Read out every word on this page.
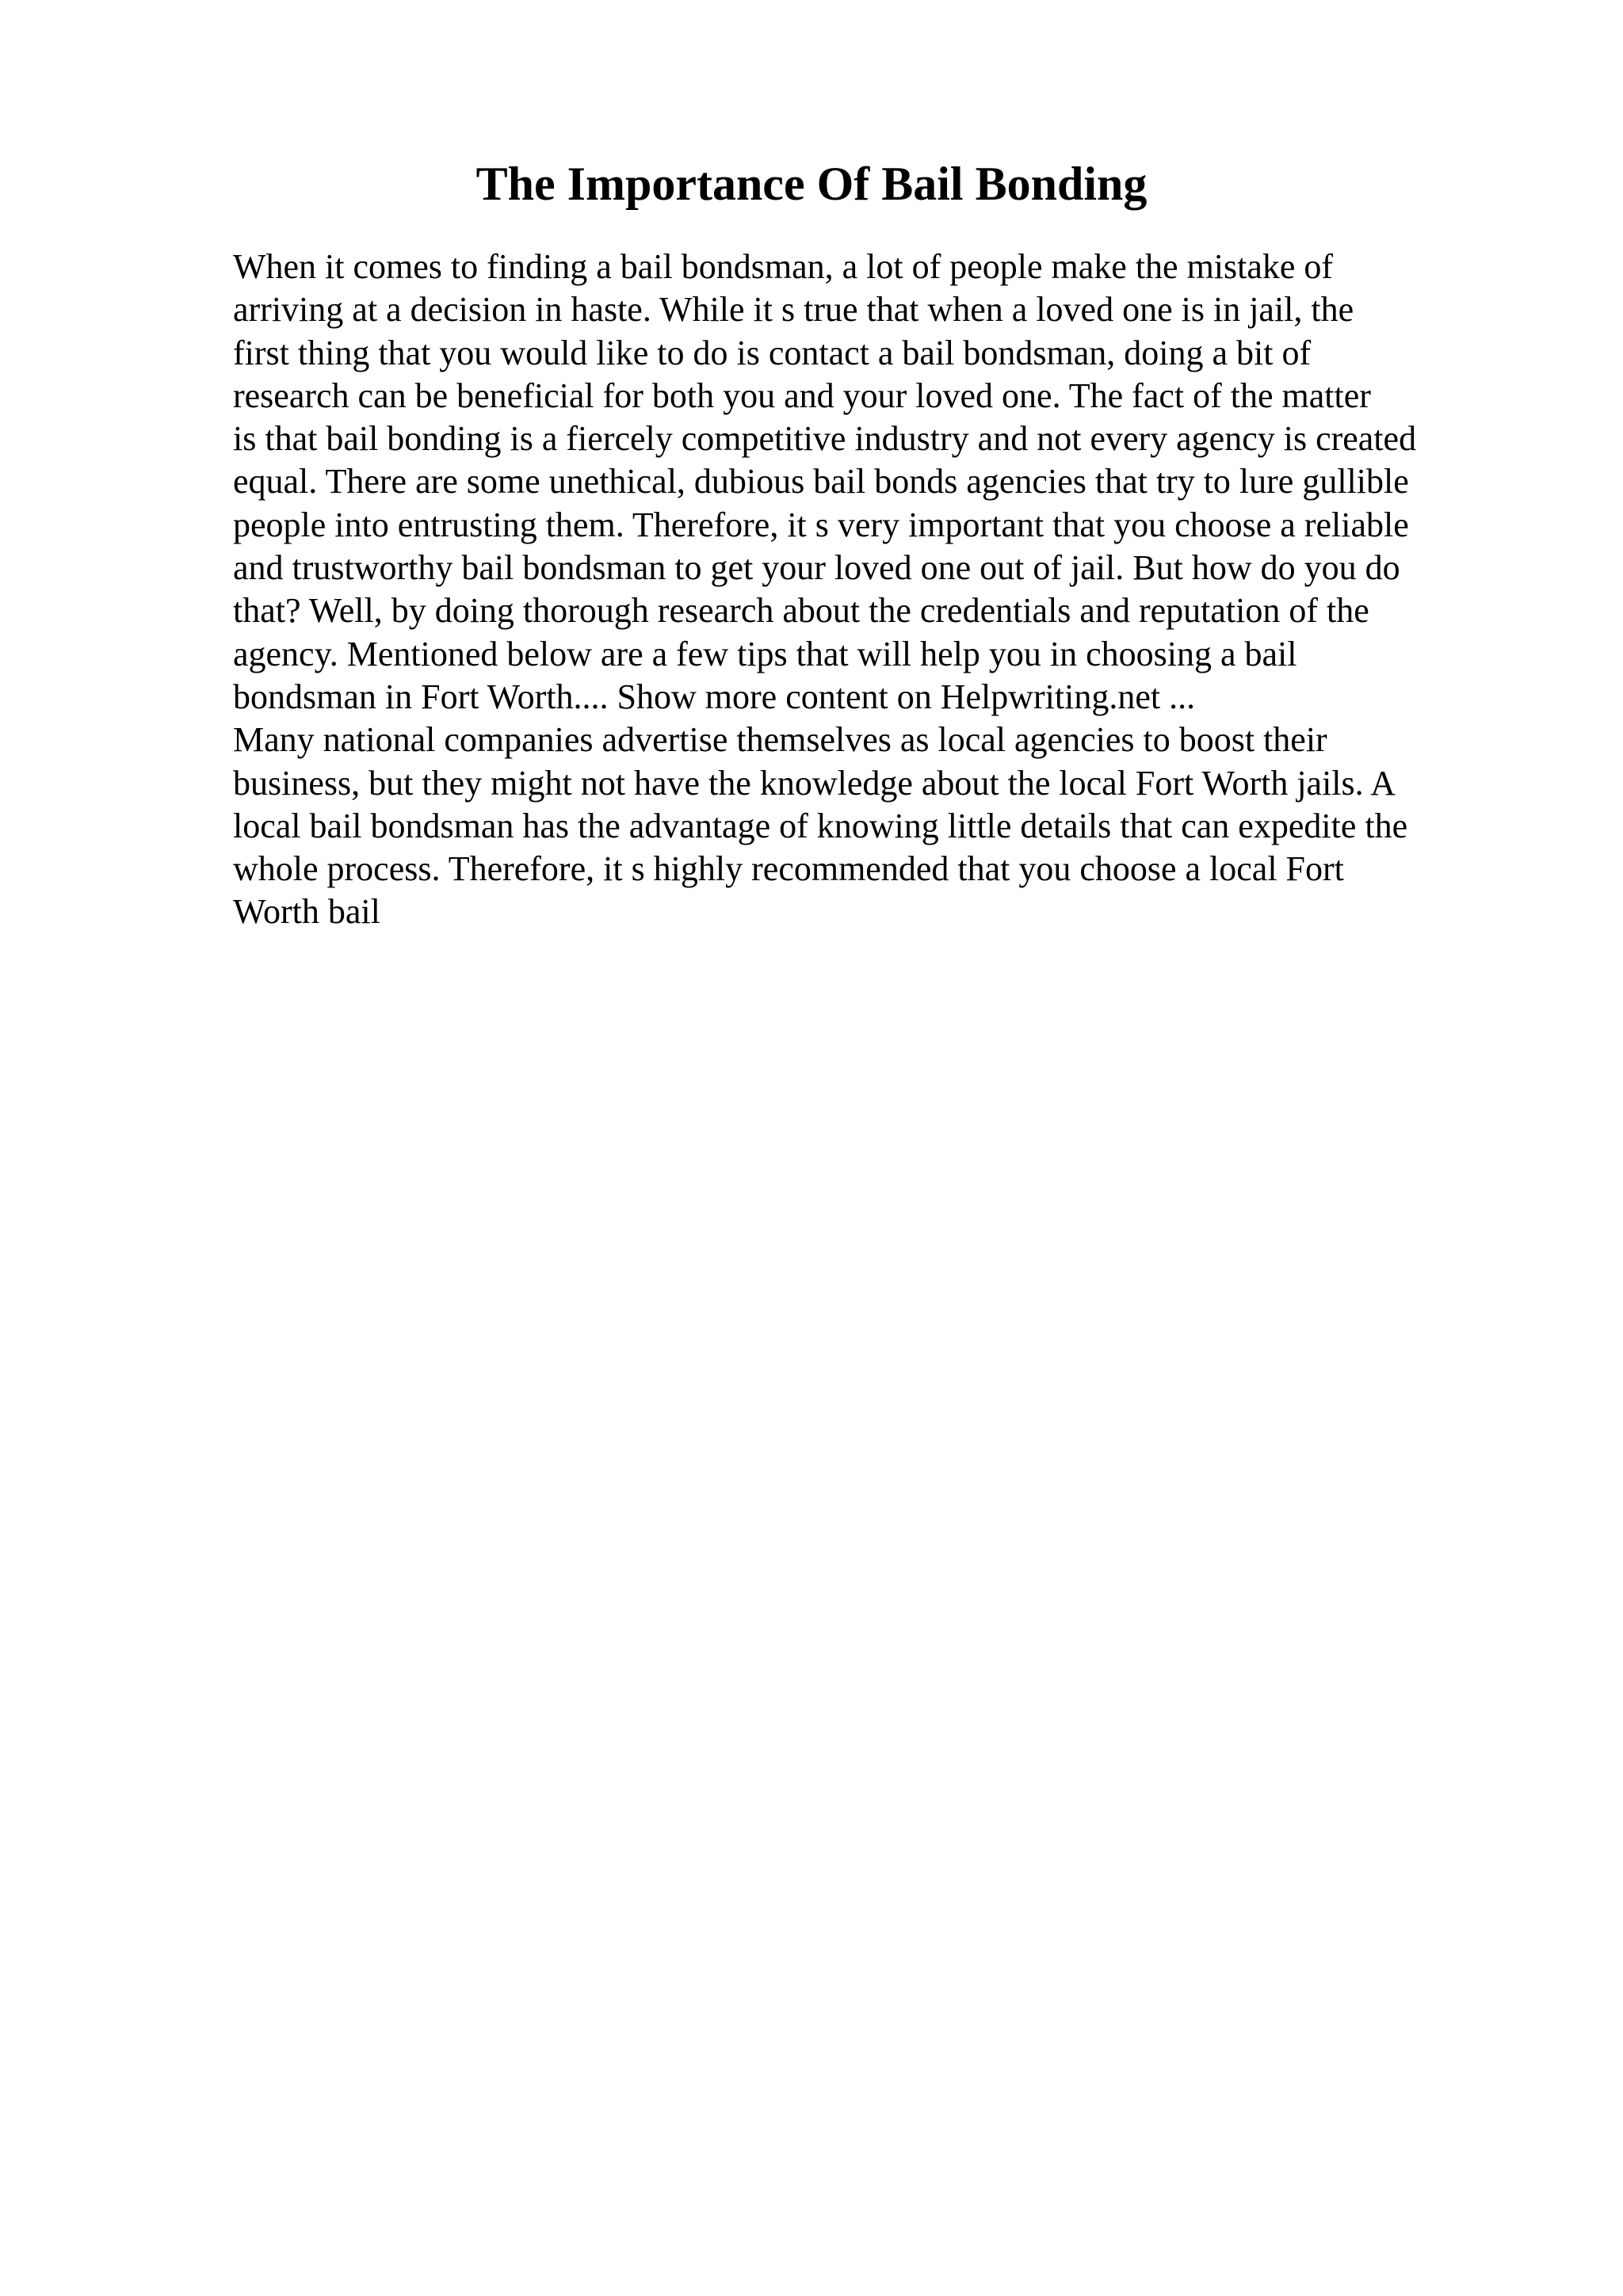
The Importance Of Bail Bonding
When it comes to finding a bail bondsman, a lot of people make the mistake of
arriving at a decision in haste. While it s true that when a loved one is in jail, the
first thing that you would like to do is contact a bail bondsman, doing a bit of
research can be beneficial for both you and your loved one. The fact of the matter
is that bail bonding is a fiercely competitive industry and not every agency is created
equal. There are some unethical, dubious bail bonds agencies that try to lure gullible
people into entrusting them. Therefore, it s very important that you choose a reliable
and trustworthy bail bondsman to get your loved one out of jail. But how do you do
that? Well, by doing thorough research about the credentials and reputation of the
agency. Mentioned below are a few tips that will help you in choosing a bail
bondsman in Fort Worth.... Show more content on Helpwriting.net ...
Many national companies advertise themselves as local agencies to boost their
business, but they might not have the knowledge about the local Fort Worth jails. A
local bail bondsman has the advantage of knowing little details that can expedite the
whole process. Therefore, it s highly recommended that you choose a local Fort
Worth bail
